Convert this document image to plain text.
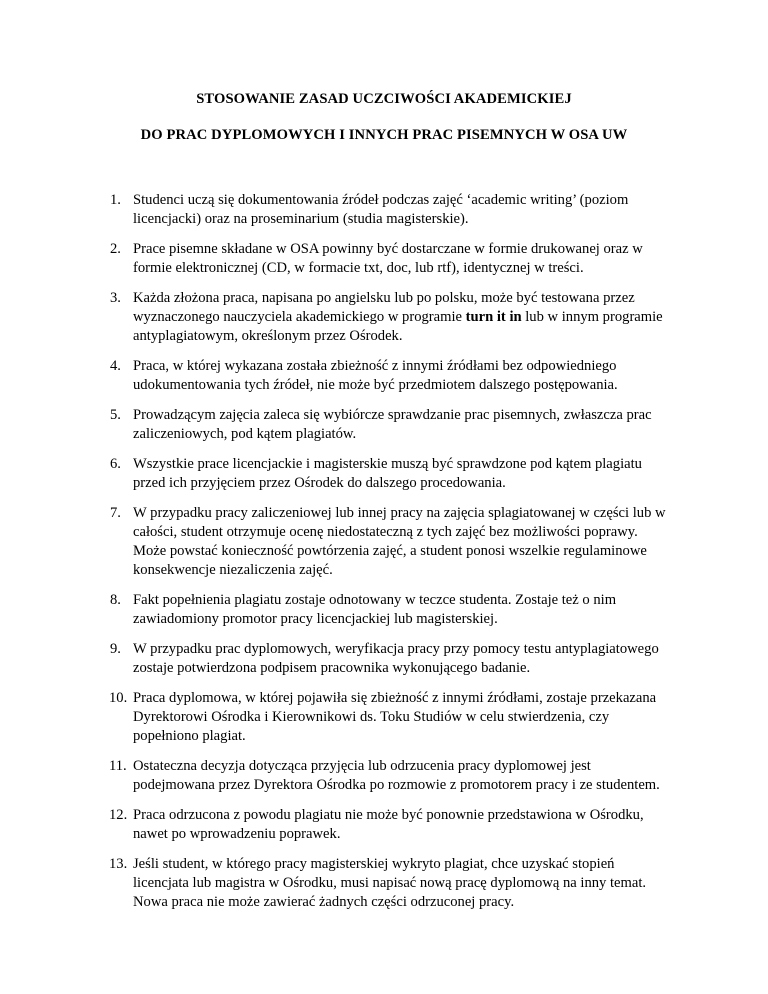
STOSOWANIE ZASAD UCZCIWOŚCI AKADEMICKIEJ
DO PRAC DYPLOMOWYCH I INNYCH PRAC PISEMNYCH W OSA UW
1. Studenci uczą się dokumentowania źródeł podczas zajęć ‘academic writing’ (poziom licencjacki) oraz na proseminarium (studia magisterskie).
2. Prace pisemne składane w OSA powinny być dostarczane w formie drukowanej oraz w formie elektronicznej (CD, w formacie txt, doc, lub rtf), identycznej w treści.
3. Każda złożona praca, napisana po angielsku lub po polsku, może być testowana przez wyznaczonego nauczyciela akademickiego w programie turn it in lub w innym programie antyplagiatowym, określonym przez Ośrodek.
4. Praca, w której wykazana została zbieżność z innymi źródłami bez odpowiedniego udokumentowania tych źródeł, nie może być przedmiotem dalszego postępowania.
5. Prowadzącym zajęcia zaleca się wybiórcze sprawdzanie prac pisemnych, zwłaszcza prac zaliczeniowych, pod kątem plagiatów.
6. Wszystkie prace licencjackie i magisterskie muszą być sprawdzone pod kątem plagiatu przed ich przyjęciem przez Ośrodek do dalszego procedowania.
7. W przypadku pracy zaliczeniowej lub innej pracy na zajęcia splagiatowanej w części lub w całości, student otrzymuje ocenę niedostateczną z tych zajęć bez możliwości poprawy. Może powstać konieczność powtórzenia zajęć, a student ponosi wszelkie regulaminowe konsekwencje niezaliczenia zajęć.
8. Fakt popełnienia plagiatu zostaje odnotowany w teczce studenta. Zostaje też o nim zawiadomiony promotor pracy licencjackiej lub magisterskiej.
9. W przypadku prac dyplomowych, weryfikacja pracy przy pomocy testu antyplagiatowego zostaje potwierdzona podpisem pracownika wykonującego badanie.
10. Praca dyplomowa, w której pojawiła się zbieżność z innymi źródłami, zostaje przekazana Dyrektorowi Ośrodka i Kierownikowi ds. Toku Studiów w celu stwierdzenia, czy popełniono plagiat.
11. Ostateczna decyzja dotycząca przyjęcia lub odrzucenia pracy dyplomowej jest podejmowana przez Dyrektora Ośrodka po rozmowie z promotorem pracy i ze studentem.
12. Praca odrzucona z powodu plagiatu nie może być ponownie przedstawiona w Ośrodku, nawet po wprowadzeniu poprawek.
13. Jeśli student, w którego pracy magisterskiej wykryto plagiat, chce uzyskać stopień licencjata lub magistra w Ośrodku, musi napisać nową pracę dyplomową na inny temat. Nowa praca nie może zawierać żadnych części odrzuconej pracy.
